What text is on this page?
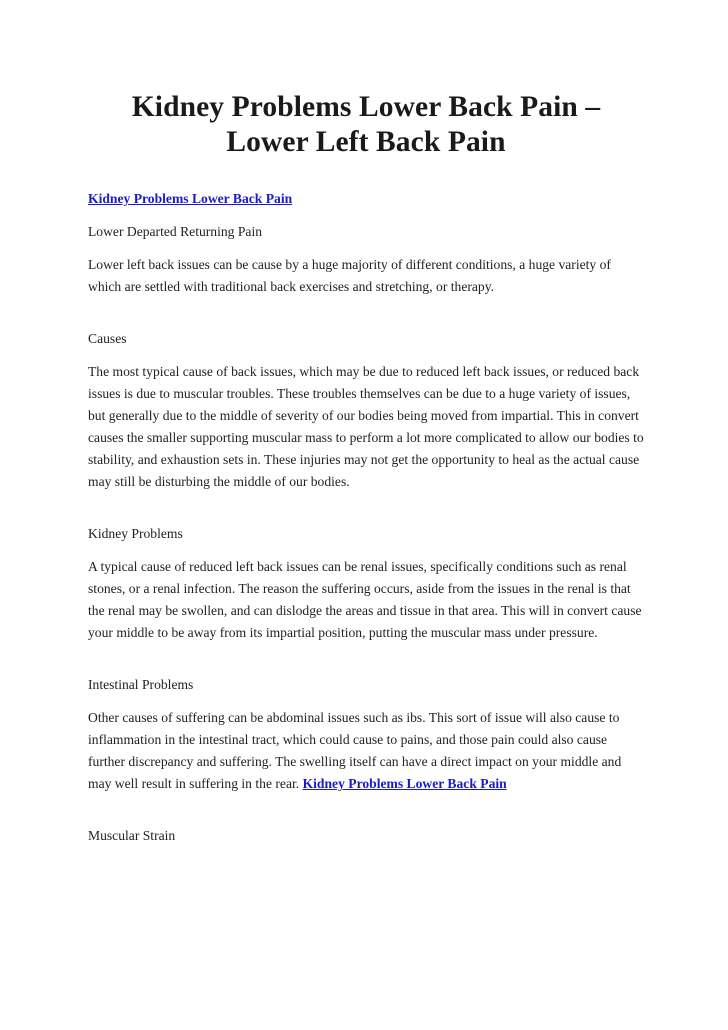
Kidney Problems Lower Back Pain – Lower Left Back Pain

Kidney Problems Lower Back Pain

Lower Departed Returning Pain

Lower left back issues can be cause by a huge majority of different conditions, a huge variety of which are settled with traditional back exercises and stretching, or therapy.

Causes

The most typical cause of back issues, which may be due to reduced left back issues, or reduced back issues is due to muscular troubles. These troubles themselves can be due to a huge variety of issues, but generally due to the middle of severity of our bodies being moved from impartial. This in convert causes the smaller supporting muscular mass to perform a lot more complicated to allow our bodies to stability, and exhaustion sets in. These injuries may not get the opportunity to heal as the actual cause may still be disturbing the middle of our bodies.

Kidney Problems

A typical cause of reduced left back issues can be renal issues, specifically conditions such as renal stones, or a renal infection. The reason the suffering occurs, aside from the issues in the renal is that the renal may be swollen, and can dislodge the areas and tissue in that area. This will in convert cause your middle to be away from its impartial position, putting the muscular mass under pressure.

Intestinal Problems

Other causes of suffering can be abdominal issues such as ibs. This sort of issue will also cause to inflammation in the intestinal tract, which could cause to pains, and those pain could also cause further discrepancy and suffering. The swelling itself can have a direct impact on your middle and may well result in suffering in the rear. Kidney Problems Lower Back Pain

Muscular Strain
